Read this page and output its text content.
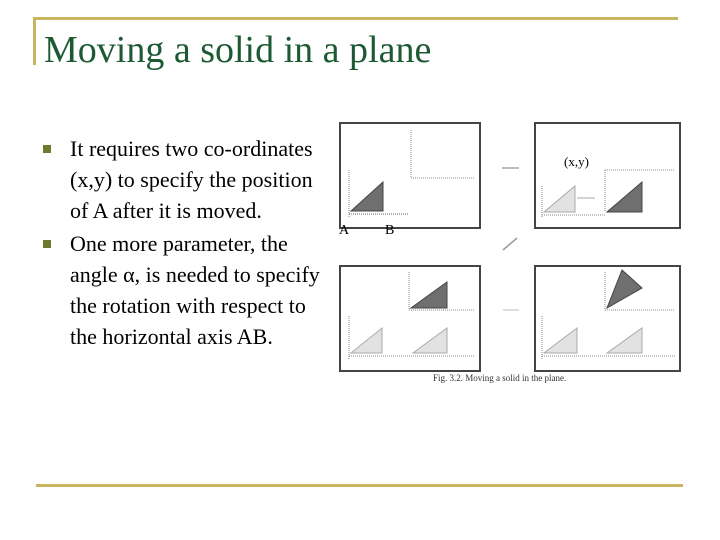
Moving a solid in a plane
It requires two co-ordinates (x,y) to specify the position of A after it is moved.
One more parameter, the angle α, is needed to specify the rotation with respect to the horizontal axis AB.
A	B
(x,y)
Fig. 3.2. Moving a solid in the plane.
